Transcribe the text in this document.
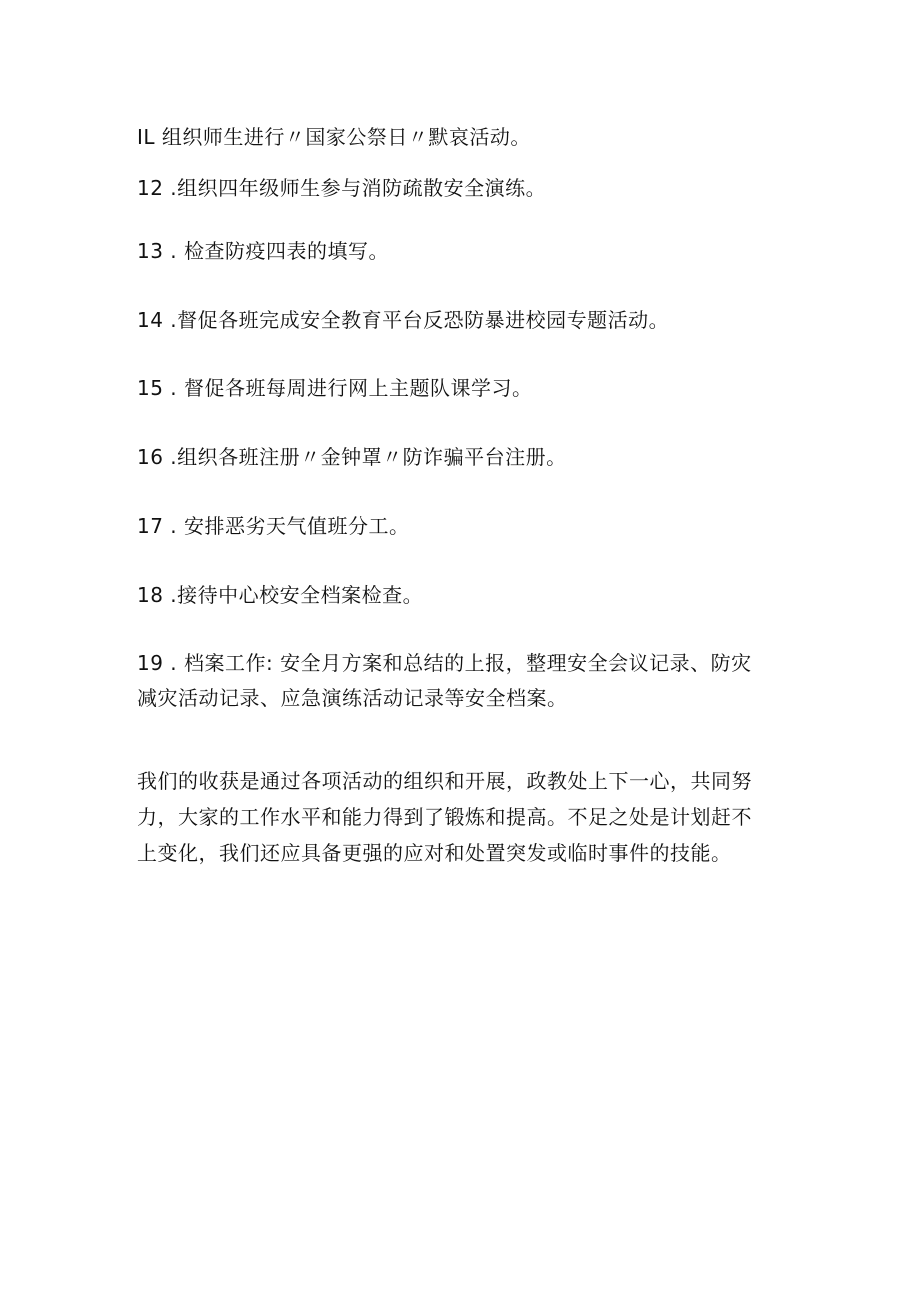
IL 组织师生进行〃国家公祭日〃默哀活动。
12 .组织四年级师生参与消防疏散安全演练。
13 . 检查防疫四表的填写。
14 .督促各班完成安全教育平台反恐防暴进校园专题活动。
15 . 督促各班每周进行网上主题队课学习。
16 .组织各班注册〃金钟罩〃防诈骗平台注册。
17 . 安排恶劣天气值班分工。
18 .接待中心校安全档案检查。
19 . 档案工作: 安全月方案和总结的上报，整理安全会议记录、防灾
减灾活动记录、应急演练活动记录等安全档案。
我们的收获是通过各项活动的组织和开展，政教处上下一心，共同努
力，大家的工作水平和能力得到了锻炼和提高。不足之处是计划赶不
上变化，我们还应具备更强的应对和处置突发或临时事件的技能。
